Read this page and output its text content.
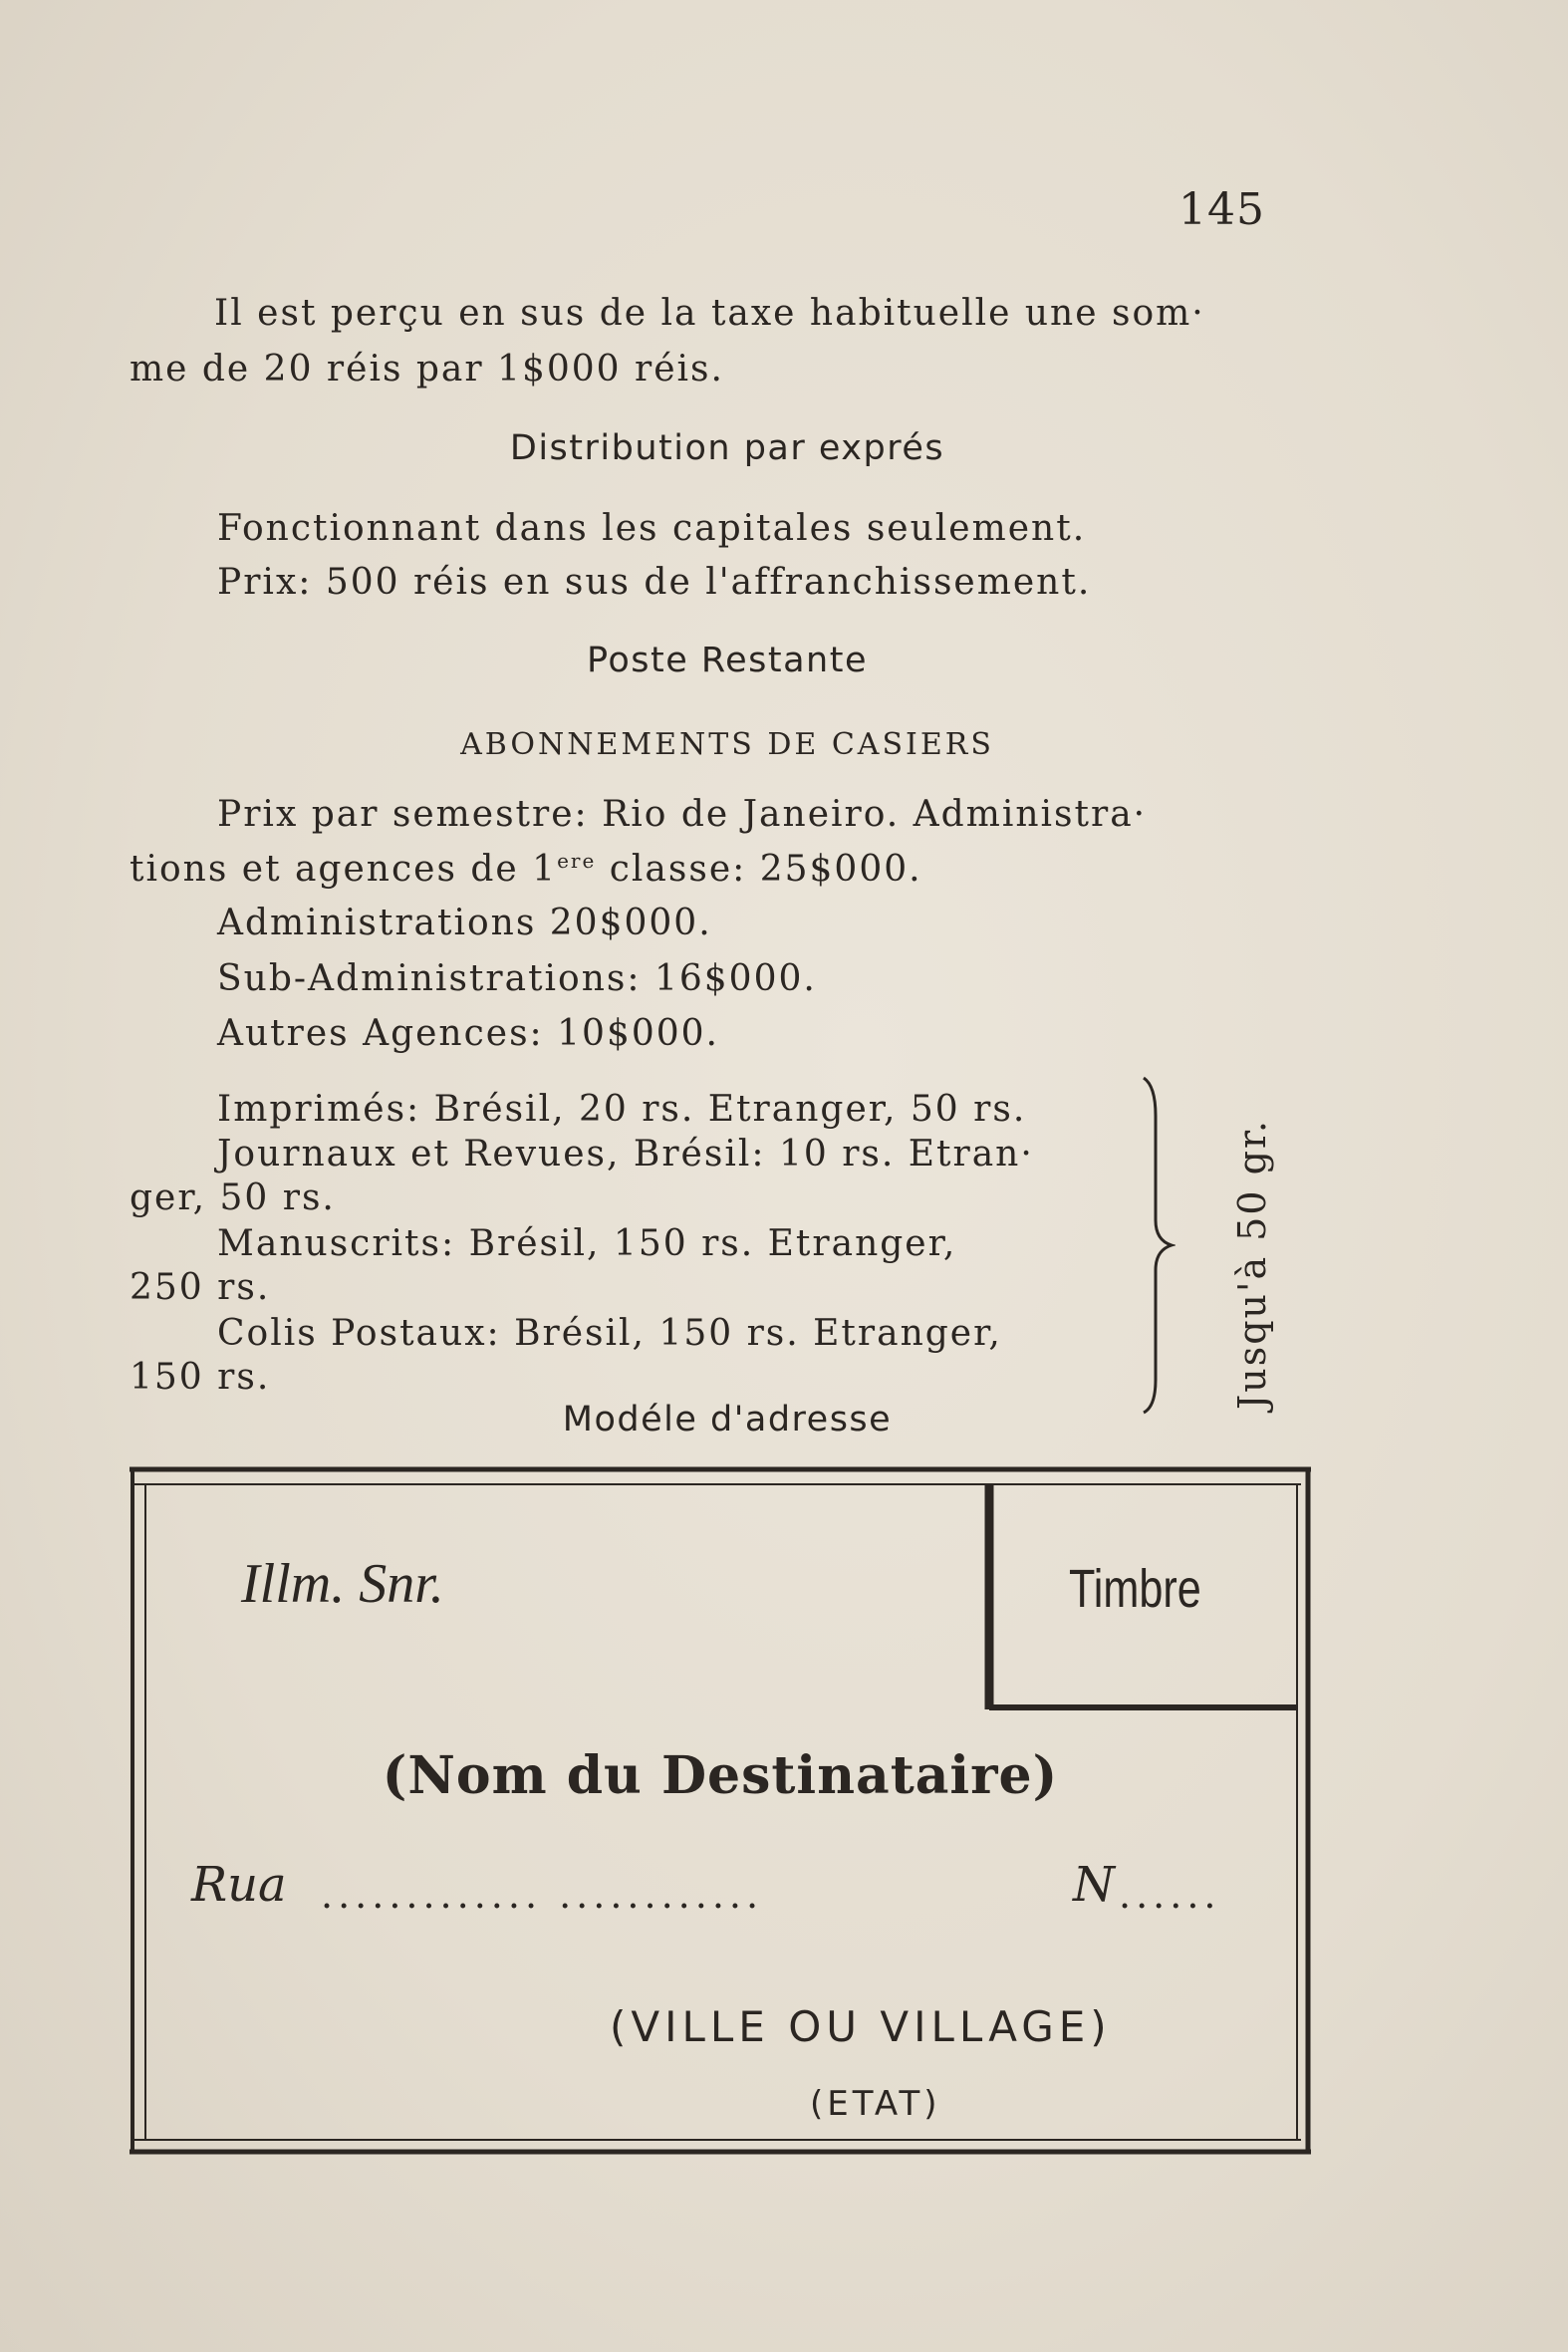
145
Il est perçu en sus de la taxe habituelle une som·
me de 20 réis par 1$000 réis.
Distribution par exprés
Fonctionnant dans les capitales seulement.
Prix: 500 réis en sus de l'affranchissement.
Poste Restante
ABONNEMENTS DE CASIERS
Prix par semestre: Rio de Janeiro. Administra·
tions et agences de 1ere classe: 25$000.
Administrations 20$000.
Sub-Administrations: 16$000.
Autres Agences: 10$000.
Imprimés: Brésil, 20 rs. Etranger, 50 rs.
Journaux et Revues, Brésil: 10 rs. Etran·
ger, 50 rs.
Manuscrits: Brésil, 150 rs. Etranger,
250 rs.
Colis Postaux: Brésil, 150 rs. Etranger,
150 rs.	Jusqu'à 50 gr.
Modéle d'adresse
Illm. Snr.	Timbre
(Nom du Destinataire)
Rua ............. ............	N ......
(VILLE OU VILLAGE)
(ETAT)
